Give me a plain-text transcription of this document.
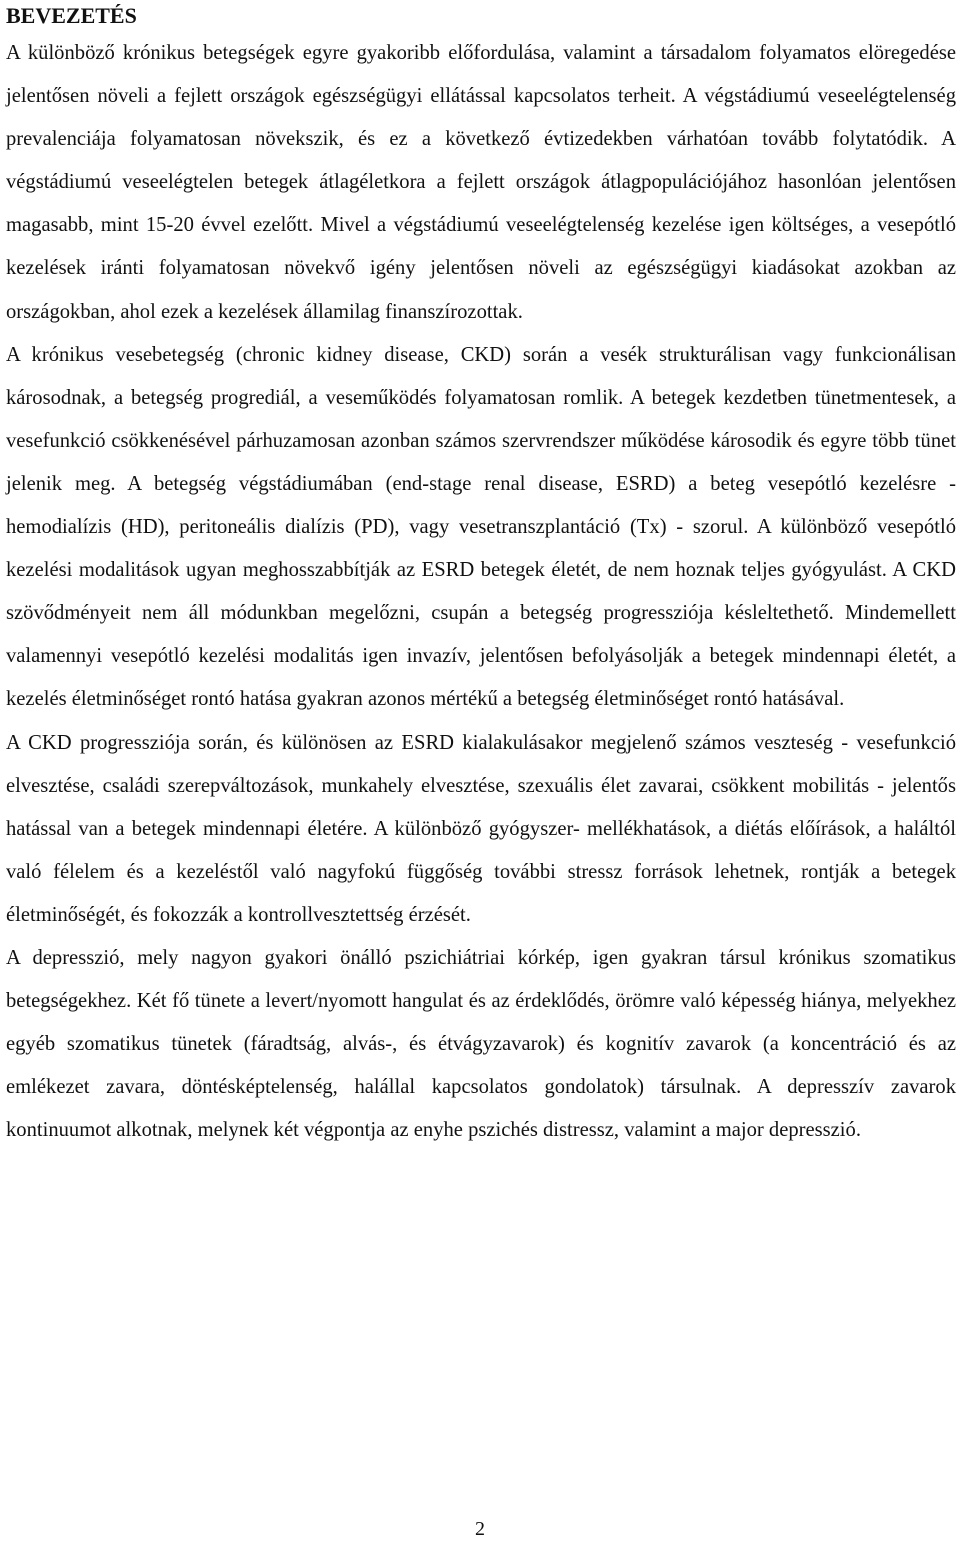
BEVEZETÉS

A különböző krónikus betegségek egyre gyakoribb előfordulása, valamint a társadalom folyamatos elöregedése jelentősen növeli a fejlett országok egészségügyi ellátással kapcsolatos terheit. A végstádiumú veseelégtelenség prevalenciája folyamatosan növekszik, és ez a következő évtizedekben várhatóan tovább folytatódik. A végstádiumú veseelégtelen betegek átlagéletkora a fejlett országok átlagpopulációjához hasonlóan jelentősen magasabb, mint 15-20 évvel ezelőtt. Mivel a végstádiumú veseelégtelenség kezelése igen költséges, a vesepótló kezelések iránti folyamatosan növekvő igény jelentősen növeli az egészségügyi kiadásokat azokban az országokban, ahol ezek a kezelések államilag finanszírozottak.

A krónikus vesebetegség (chronic kidney disease, CKD) során a vesék strukturálisan vagy funkcionálisan károsodnak, a betegség progrediál, a veseműködés folyamatosan romlik. A betegek kezdetben tünetmentesek, a vesefunkció csökkenésével párhuzamosan azonban számos szervrendszer működése károsodik és egyre több tünet jelenik meg. A betegség végstádiumában (end-stage renal disease, ESRD) a beteg vesepótló kezelésre - hemodialízis (HD), peritoneális dialízis (PD), vagy vesetranszplantáció (Tx) - szorul. A különböző vesepótló kezelési modalitások ugyan meghosszabbítják az ESRD betegek életét, de nem hoznak teljes gyógyulást. A CKD szövődményeit nem áll módunkban megelőzni, csupán a betegség progressziója késleltethető. Mindemellett valamennyi vesepótló kezelési modalitás igen invazív, jelentősen befolyásolják a betegek mindennapi életét, a kezelés életminőséget rontó hatása gyakran azonos mértékű a betegség életminőséget rontó hatásával.

A CKD progressziója során, és különösen az ESRD kialakulásakor megjelenő számos veszteség - vesefunkció elvesztése, családi szerepváltozások, munkahely elvesztése, szexuális élet zavarai, csökkent mobilitás - jelentős hatással van a betegek mindennapi életére. A különböző gyógyszer- mellékhatások, a diétás előírások, a haláltól való félelem és a kezeléstől való nagyfokú függőség további stressz források lehetnek, rontják a betegek életminőségét, és fokozzák a kontrollvesztettség érzését.

A depresszió, mely nagyon gyakori önálló pszichiátriai kórkép, igen gyakran társul krónikus szomatikus betegségekhez. Két fő tünete a levert/nyomott hangulat és az érdeklődés, örömre való képesség hiánya, melyekhez egyéb szomatikus tünetek (fáradtság, alvás-, és étvágyzavarok) és kognitív zavarok (a koncentráció és az emlékezet zavara, döntésképtelenség, halállal kapcsolatos gondolatok) társulnak. A depresszív zavarok kontinuumot alkotnak, melynek két végpontja az enyhe pszichés distressz, valamint a major depresszió.

2
